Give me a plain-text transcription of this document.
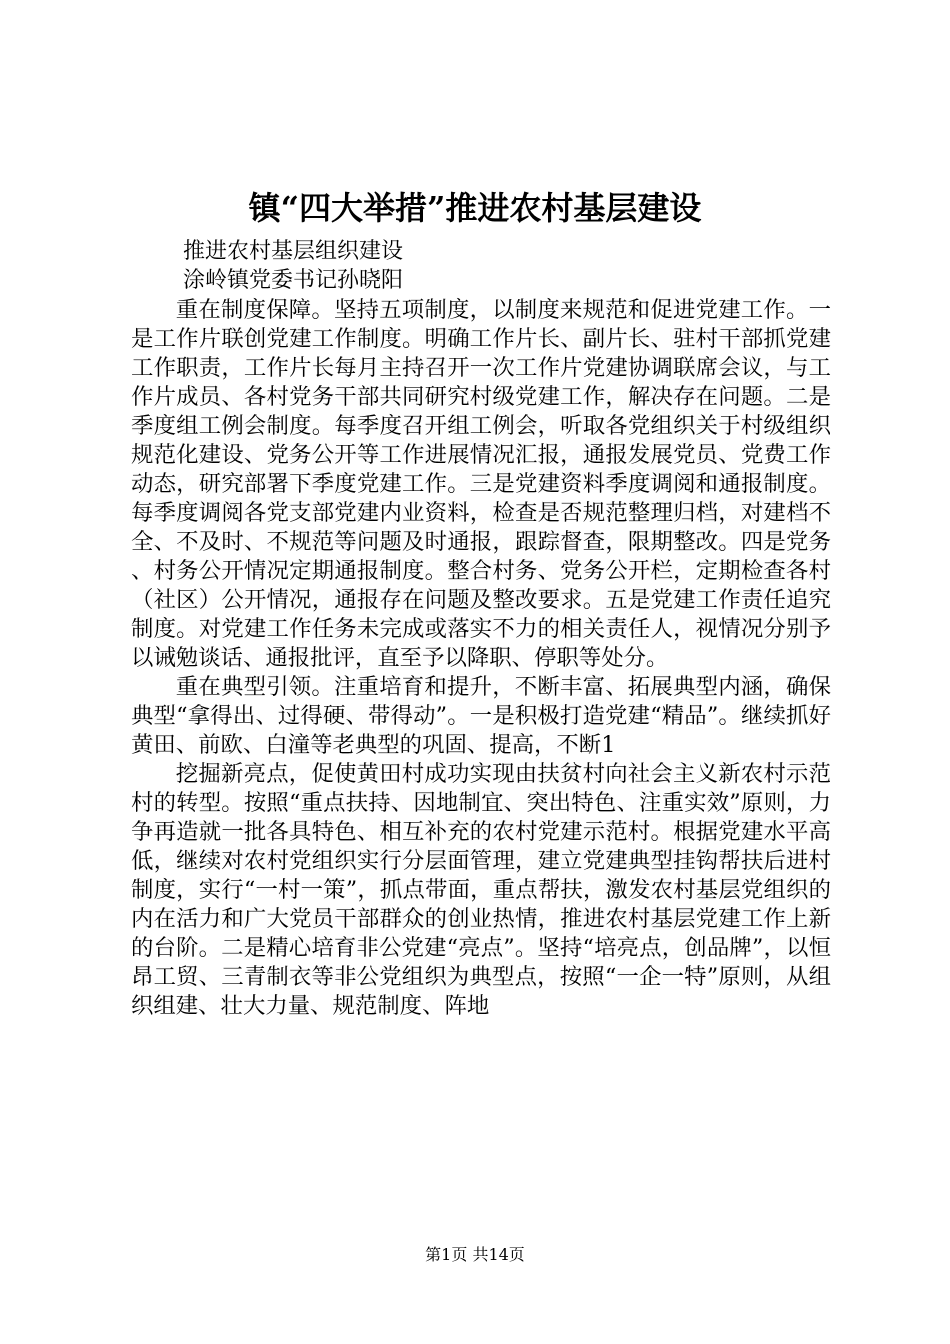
镇“四大举措”推进农村基层建设

推进农村基层组织建设

涂岭镇党委书记孙晓阳

重在制度保障。坚持五项制度，以制度来规范和促进党建工作。一是工作片联创党建工作制度。明确工作片长、副片长、驻村干部抓党建工作职责，工作片长每月主持召开一次工作片党建协调联席会议，与工作片成员、各村党务干部共同研究村级党建工作，解决存在问题。二是季度组工例会制度。每季度召开组工例会，听取各党组织关于村级组织规范化建设、党务公开等工作进展情况汇报，通报发展党员、党费工作动态，研究部署下季度党建工作。三是党建资料季度调阅和通报制度。每季度调阅各党支部党建内业资料，检查是否规范整理归档，对建档不全、不及时、不规范等问题及时通报，跟踪督查，限期整改。四是党务、村务公开情况定期通报制度。整合村务、党务公开栏，定期检查各村（社区）公开情况，通报存在问题及整改要求。五是党建工作责任追究制度。对党建工作任务未完成或落实不力的相关责任人，视情况分别予以诫勉谈话、通报批评，直至予以降职、停职等处分。

重在典型引领。注重培育和提升，不断丰富、拓展典型内涵，确保典型“拿得出、过得硬、带得动”。一是积极打造党建“精品”。继续抓好黄田、前欧、白潼等老典型的巩固、提高，不断1

挖掘新亮点，促使黄田村成功实现由扶贫村向社会主义新农村示范村的转型。按照“重点扶持、因地制宜、突出特色、注重实效”原则，力争再造就一批各具特色、相互补充的农村党建示范村。根据党建水平高低，继续对农村党组织实行分层面管理，建立党建典型挂钩帮扶后进村制度，实行“一村一策”，抓点带面，重点帮扶，激发农村基层党组织的内在活力和广大党员干部群众的创业热情，推进农村基层党建工作上新的台阶。二是精心培育非公党建“亮点”。坚持“培亮点，创品牌”，以恒昂工贸、三青制衣等非公党组织为典型点，按照“一企一特”原则，从组织组建、壮大力量、规范制度、阵地

第1页 共14页
